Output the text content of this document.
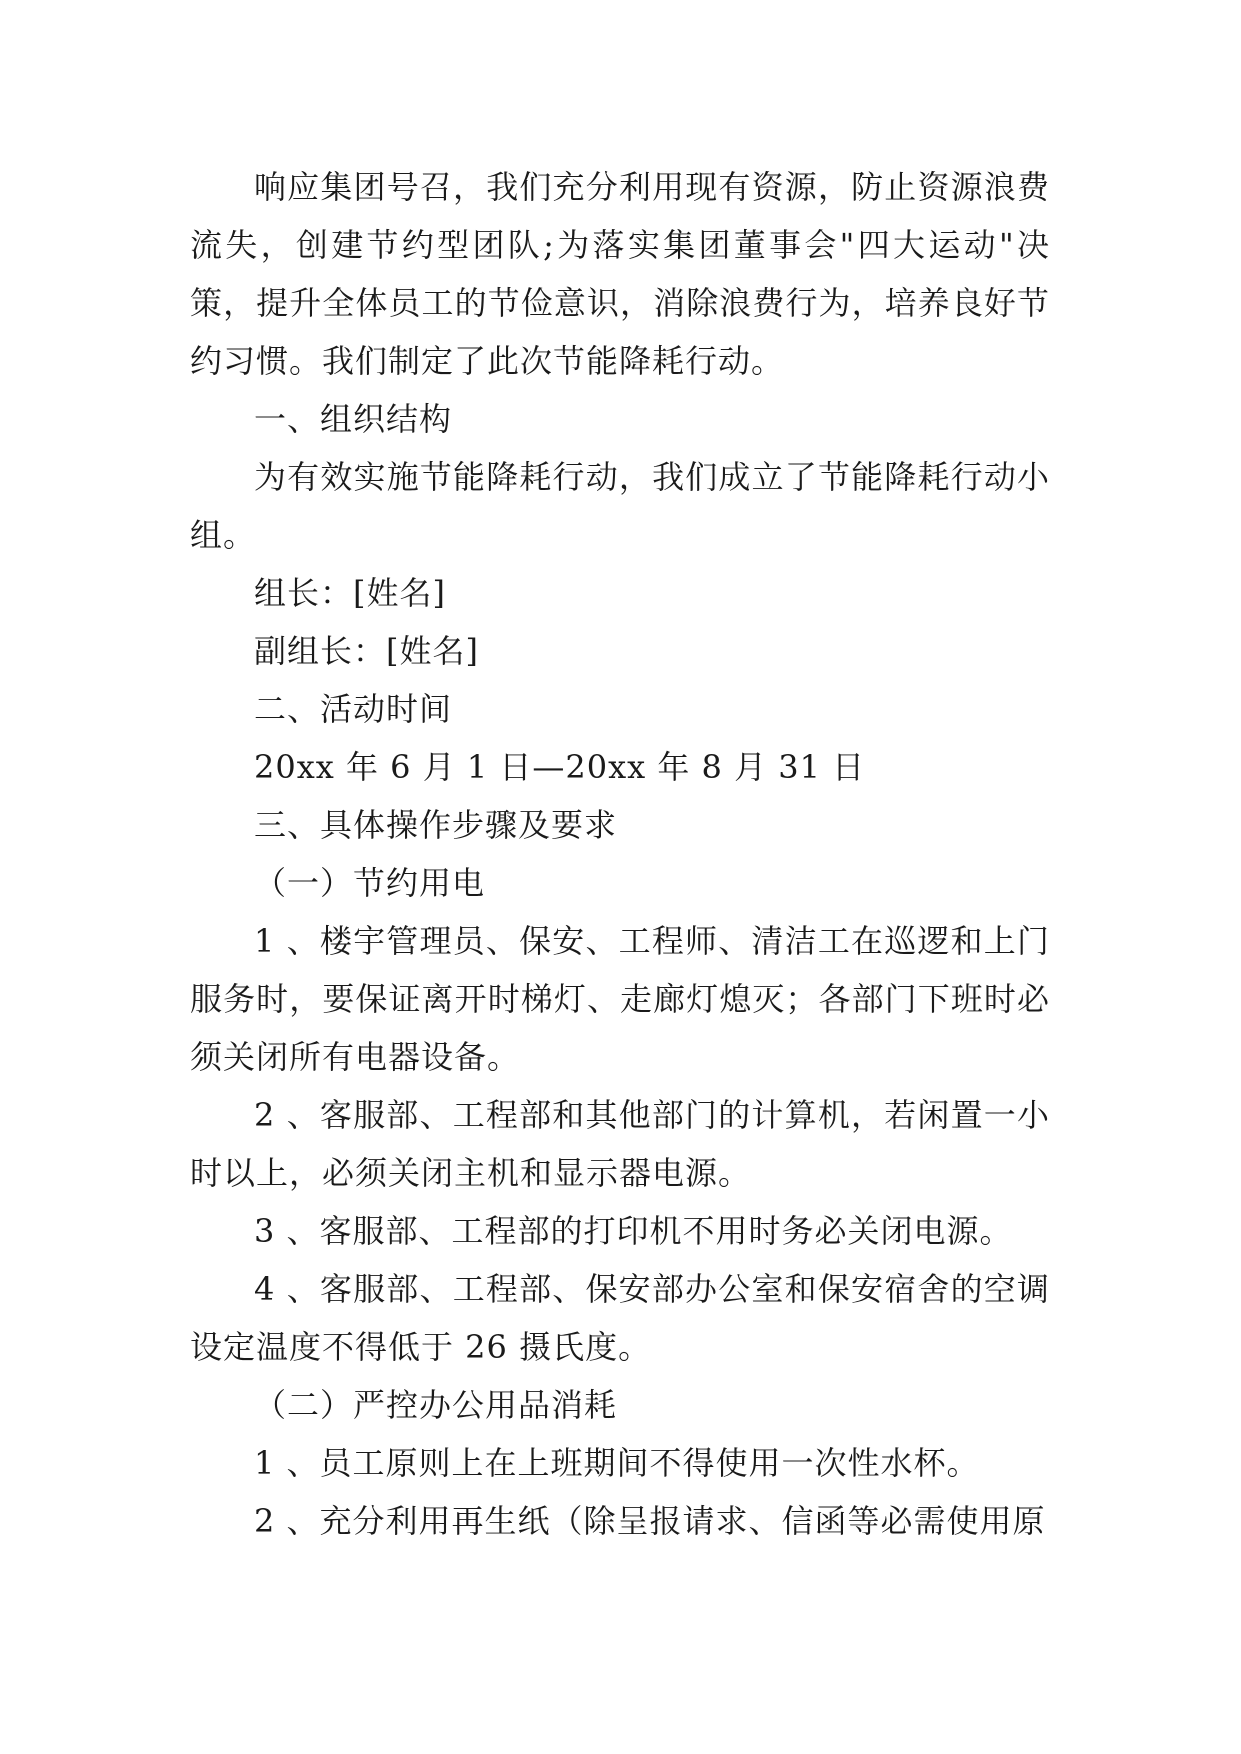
响应集团号召，我们充分利用现有资源，防止资源浪费流失，创建节约型团队;为落实集团董事会"四大运动"决策，提升全体员工的节俭意识，消除浪费行为，培养良好节约习惯。我们制定了此次节能降耗行动。

一、组织结构

为有效实施节能降耗行动，我们成立了节能降耗行动小组。

组长：[姓名]

副组长：[姓名]

二、活动时间

20xx 年 6 月 1 日—20xx 年 8 月 31 日

三、具体操作步骤及要求

（一）节约用电

1 、楼宇管理员、保安、工程师、清洁工在巡逻和上门服务时，要保证离开时梯灯、走廊灯熄灭；各部门下班时必须关闭所有电器设备。

2 、客服部、工程部和其他部门的计算机，若闲置一小时以上，必须关闭主机和显示器电源。

3 、客服部、工程部的打印机不用时务必关闭电源。

4 、客服部、工程部、保安部办公室和保安宿舍的空调设定温度不得低于 26 摄氏度。

（二）严控办公用品消耗

1 、员工原则上在上班期间不得使用一次性水杯。

2 、充分利用再生纸（除呈报请求、信函等必需使用原
